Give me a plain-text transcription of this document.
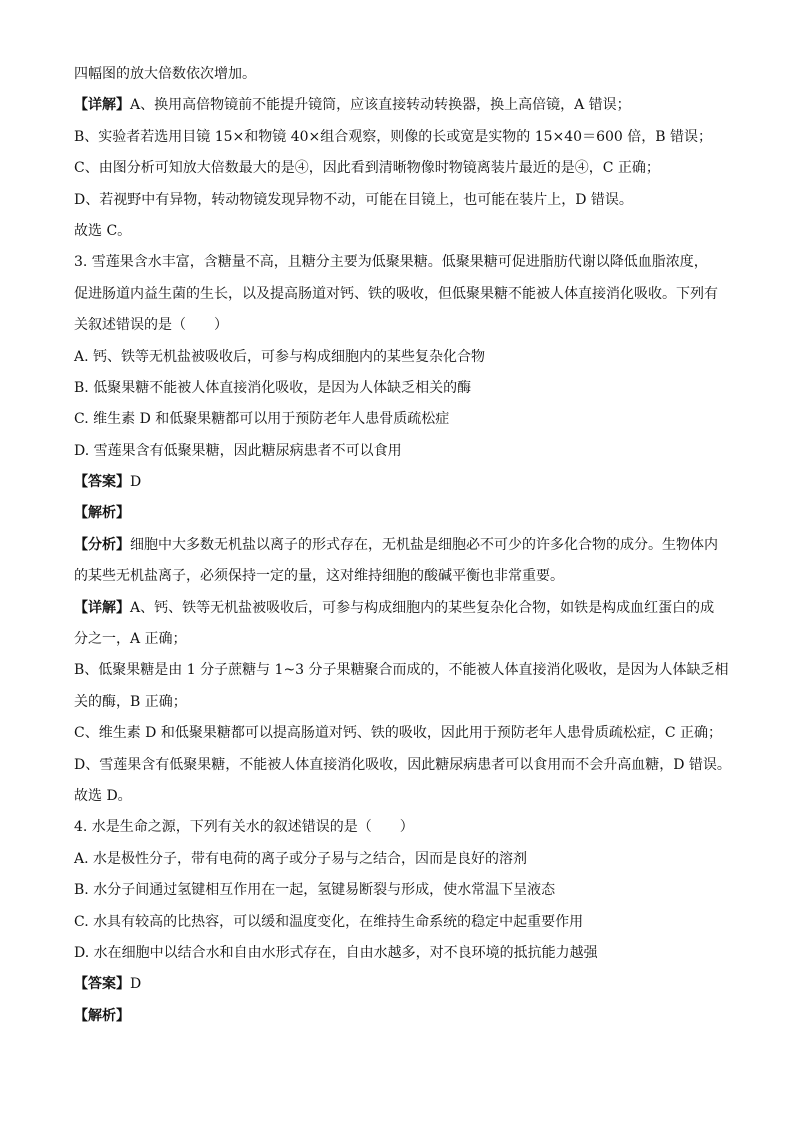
四幅图的放大倍数依次增加。
【详解】A、换用高倍物镜前不能提升镜筒，应该直接转动转换器，换上高倍镜，A 错误；
B、实验者若选用目镜 15×和物镜 40×组合观察，则像的长或宽是实物的 15×40＝600 倍，B 错误；
C、由图分析可知放大倍数最大的是④，因此看到清晰物像时物镜离装片最近的是④，C 正确；
D、若视野中有异物，转动物镜发现异物不动，可能在目镜上，也可能在装片上，D 错误。
故选 C。
3. 雪莲果含水丰富，含糖量不高，且糖分主要为低聚果糖。低聚果糖可促进脂肪代谢以降低血脂浓度，
促进肠道内益生菌的生长，以及提高肠道对钙、铁的吸收，但低聚果糖不能被人体直接消化吸收。下列有
关叙述错误的是（　　）
A. 钙、铁等无机盐被吸收后，可参与构成细胞内的某些复杂化合物
B. 低聚果糖不能被人体直接消化吸收，是因为人体缺乏相关的酶
C. 维生素 D 和低聚果糖都可以用于预防老年人患骨质疏松症
D. 雪莲果含有低聚果糖，因此糖尿病患者不可以食用
【答案】D
【解析】
【分析】细胞中大多数无机盐以离子的形式存在，无机盐是细胞必不可少的许多化合物的成分。生物体内
的某些无机盐离子，必须保持一定的量，这对维持细胞的酸碱平衡也非常重要。
【详解】A、钙、铁等无机盐被吸收后，可参与构成细胞内的某些复杂化合物，如铁是构成血红蛋白的成
分之一，A 正确；
B、低聚果糖是由 1 分子蔗糖与 1~3 分子果糖聚合而成的，不能被人体直接消化吸收，是因为人体缺乏相
关的酶，B 正确；
C、维生素 D 和低聚果糖都可以提高肠道对钙、铁的吸收，因此用于预防老年人患骨质疏松症，C 正确；
D、雪莲果含有低聚果糖，不能被人体直接消化吸收，因此糖尿病患者可以食用而不会升高血糖，D 错误。
故选 D。
4. 水是生命之源，下列有关水的叙述错误的是（　　）
A. 水是极性分子，带有电荷的离子或分子易与之结合，因而是良好的溶剂
B. 水分子间通过氢键相互作用在一起，氢键易断裂与形成，使水常温下呈液态
C. 水具有较高的比热容，可以缓和温度变化，在维持生命系统的稳定中起重要作用
D. 水在细胞中以结合水和自由水形式存在，自由水越多，对不良环境的抵抗能力越强
【答案】D
【解析】
